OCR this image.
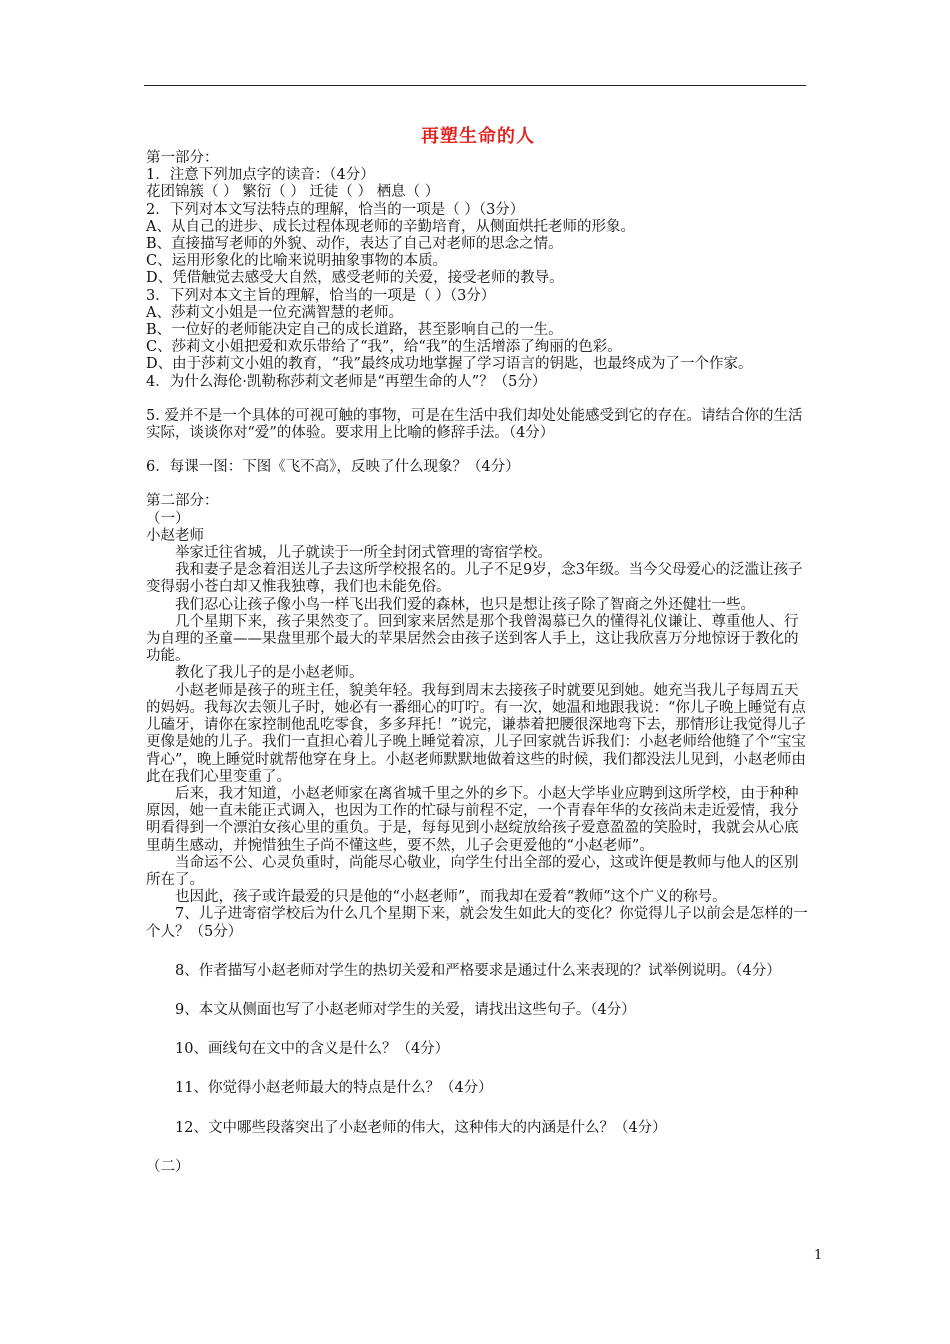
再塑生命的人
第一部分：
1．注意下列加点字的读音：（4分）
花团锦簇（ ） 繁衍（ ） 迁徒（ ） 栖息（ ）
2．下列对本文写法特点的理解，恰当的一项是（ ）（3分）
A、从自己的进步、成长过程体现老师的辛勤培育，从侧面烘托老师的形象。
B、直接描写老师的外貌、动作，表达了自己对老师的思念之情。
C、运用形象化的比喻来说明抽象事物的本质。
D、凭借触觉去感受大自然，感受老师的关爱，接受老师的教导。
3．下列对本文主旨的理解，恰当的一项是（ ）（3分）
A、莎莉文小姐是一位充满智慧的老师。
B、一位好的老师能决定自己的成长道路，甚至影响自己的一生。
C、莎莉文小姐把爱和欢乐带给了“我”，给“我”的生活增添了绚丽的色彩。
D、由于莎莉文小姐的教育，“我”最终成功地掌握了学习语言的钥匙，也最终成为了一个作家。
4．为什么海伦·凯勒称莎莉文老师是“再塑生命的人”？（5分）
5. 爱并不是一个具体的可视可触的事物，可是在生活中我们却处处能感受到它的存在。请结合你的生活实际，谈谈你对“爱”的体验。要求用上比喻的修辞手法。（4分）
6．每课一图：下图《飞不高》，反映了什么现象？（4分）
第二部分：
（一）
小赵老师
举家迁往省城，儿子就读于一所全封闭式管理的寄宿学校。
我和妻子是念着泪送儿子去这所学校报名的。儿子不足9岁，念3年级。当今父母爱心的泛滥让孩子变得弱小苍白却又惟我独尊，我们也未能免俗。
我们忍心让孩子像小鸟一样飞出我们爱的森林，也只是想让孩子除了智商之外还健壮一些。
几个星期下来，孩子果然变了。回到家来居然是那个我曾渴慕已久的懂得礼仪谦让、尊重他人、行为自理的圣童——果盘里那个最大的苹果居然会由孩子送到客人手上，这让我欣喜万分地惊讶于教化的功能。
教化了我儿子的是小赵老师。
小赵老师是孩子的班主任，貌美年轻。我每到周末去接孩子时就要见到她。她充当我儿子每周五天的妈妈。我每次去领儿子时，她必有一番细心的叮咛。有一次，她温和地跟我说：“你儿子晚上睡觉有点儿磕牙，请你在家控制他乱吃零食，多多拜托！”说完，谦恭着把腰很深地弯下去，那情形让我觉得儿子更像是她的儿子。我们一直担心着儿子晚上睡觉着凉，儿子回家就告诉我们：小赵老师给他缝了个“宝宝背心”，晚上睡觉时就帮他穿在身上。小赵老师默默地做着这些的时候，我们都没法儿见到，小赵老师由此在我们心里变重了。
后来，我才知道，小赵老师家在离省城千里之外的乡下。小赵大学毕业应聘到这所学校，由于种种原因，她一直未能正式调入，也因为工作的忙碌与前程不定，一个青春年华的女孩尚未走近爱情，我分明看得到一个漂泊女孩心里的重负。于是，每每见到小赵绽放给孩子爱意盈盈的笑脸时，我就会从心底里萌生感动，并惋惜独生子尚不懂这些，要不然，儿子会更爱他的“小赵老师”。
当命运不公、心灵负重时，尚能尽心敬业，向学生付出全部的爱心，这或许便是教师与他人的区别所在了。
也因此，孩子或许最爱的只是他的“小赵老师”，而我却在爱着“教师”这个广义的称号。
7、儿子进寄宿学校后为什么几个星期下来，就会发生如此大的变化？你觉得儿子以前会是怎样的一个人？（5分）
8、作者描写小赵老师对学生的热切关爱和严格要求是通过什么来表现的？试举例说明。（4分）
9、本文从侧面也写了小赵老师对学生的关爱，请找出这些句子。（4分）
10、画线句在文中的含义是什么？（4分）
11、你觉得小赵老师最大的特点是什么？（4分）
12、文中哪些段落突出了小赵老师的伟大，这种伟大的内涵是什么？（4分）
（二）
1
